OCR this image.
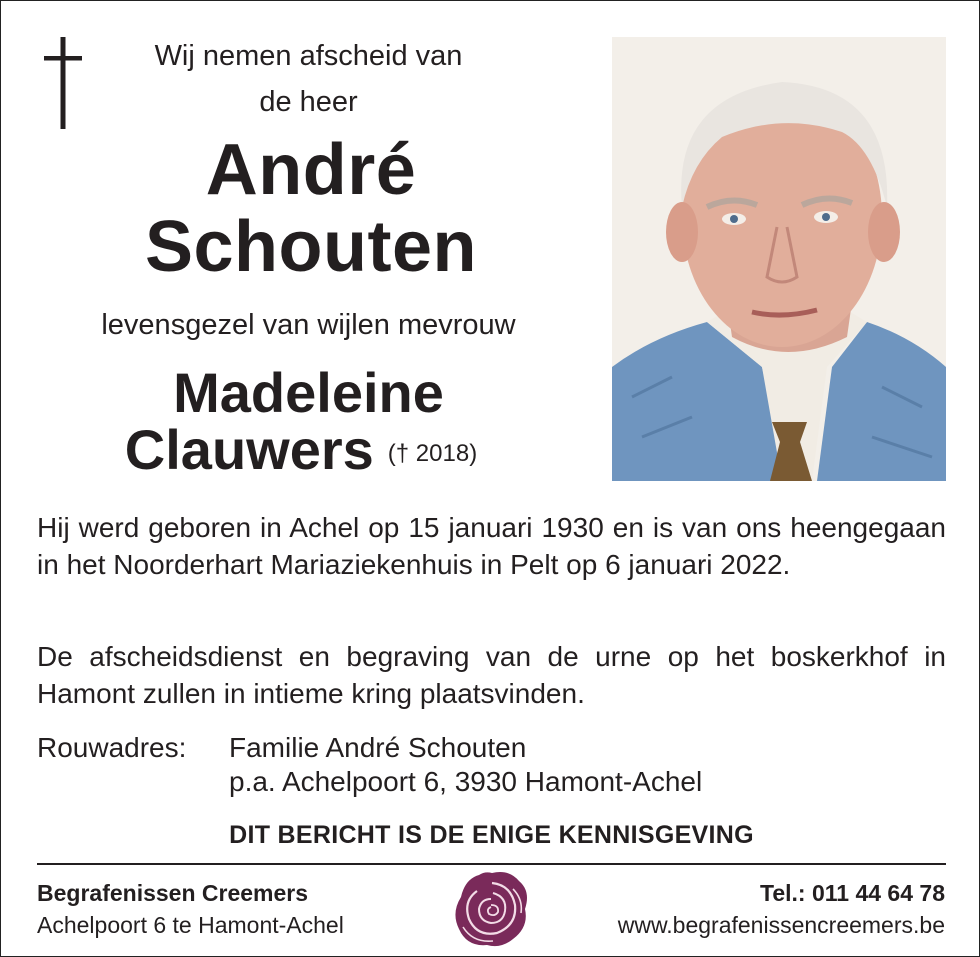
Wij nemen afscheid van
de heer
André
Schouten
levensgezel van wijlen mevrouw
Madeleine
Clauwers († 2018)
Hij werd geboren in Achel op 15 januari 1930 en is van ons heengegaan in het Noorderhart Mariaziekenhuis in Pelt op 6 januari 2022.
De afscheidsdienst en begraving van de urne op het boskerkhof in Hamont zullen in intieme kring plaatsvinden.
Rouwadres: Familie André Schouten
p.a. Achelpoort 6, 3930 Hamont-Achel
DIT BERICHT IS DE ENIGE KENNISGEVING
Begrafenissen Creemers
Achelpoort 6 te Hamont-Achel
Tel.: 011 44 64 78
www.begrafenissencreemers.be
